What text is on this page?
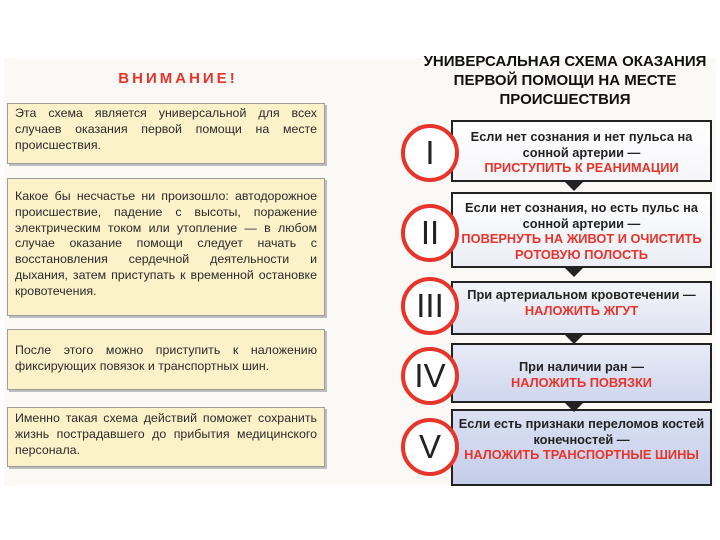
ВНИМАНИЕ!
УНИВЕРСАЛЬНАЯ СХЕМА ОКАЗАНИЯ ПЕРВОЙ ПОМОЩИ НА МЕСТЕ ПРОИСШЕСТВИЯ
Эта схема является универсальной для всех случаев оказания первой помощи на месте происшествия.
Какое бы несчастье ни произошло: автодорожное происшествие, падение с высоты, поражение электрическим током или утопление — в любом случае оказание помощи следует начать с восстановления сердечной деятельности и дыхания, затем приступать к временной остановке кровотечения.
После этого можно приступить к наложению фиксирующих повязок и транспортных шин.
Именно такая схема действий поможет сохранить жизнь пострадавшего до прибытия медицинского персонала.
Если нет сознания и нет пульса на сонной артерии —
ПРИСТУПИТЬ К РЕАНИМАЦИИ
Если нет сознания, но есть пульс на сонной артерии —
ПОВЕРНУТЬ НА ЖИВОТ И ОЧИСТИТЬ РОТОВУЮ ПОЛОСТЬ
При артериальном кровотечении —
НАЛОЖИТЬ ЖГУТ
При наличии ран —
НАЛОЖИТЬ ПОВЯЗКИ
Если есть признаки переломов костей конечностей —
НАЛОЖИТЬ ТРАНСПОРТНЫЕ ШИНЫ
I
II
III
IV
V
